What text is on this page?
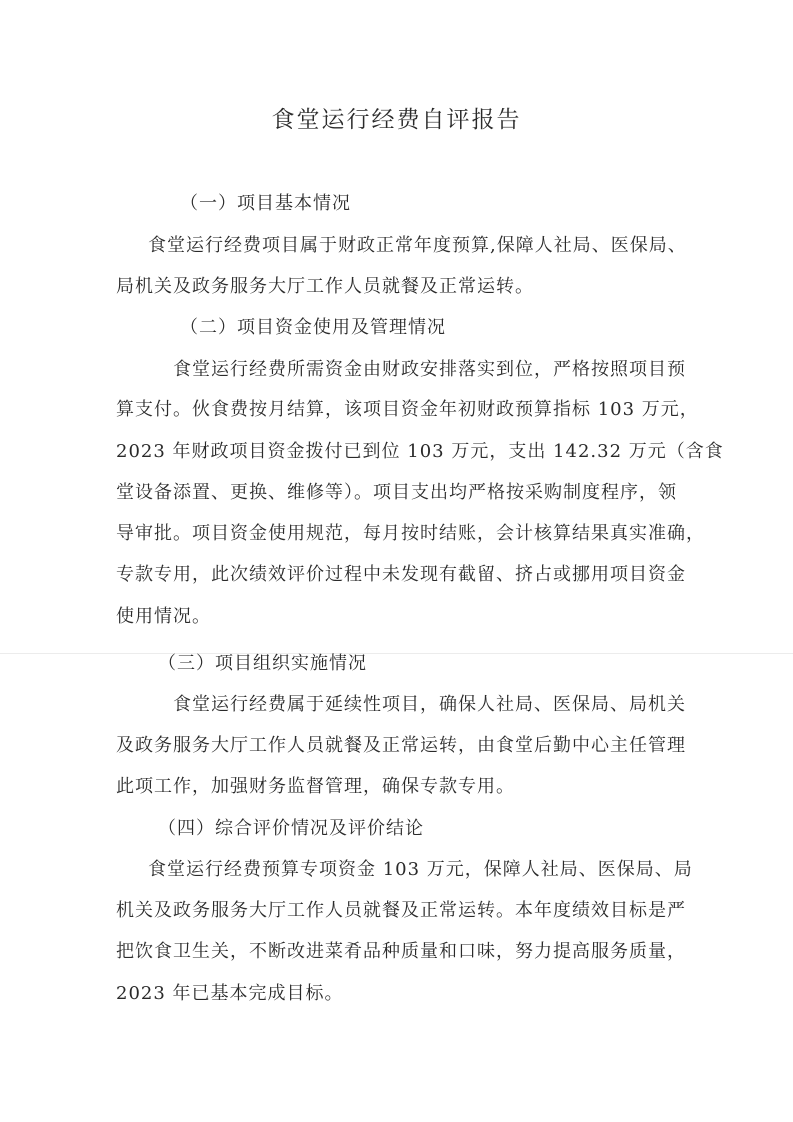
食堂运行经费自评报告
（一）项目基本情况
食堂运行经费项目属于财政正常年度预算,保障人社局、医保局、
局机关及政务服务大厅工作人员就餐及正常运转。
（二）项目资金使用及管理情况
食堂运行经费所需资金由财政安排落实到位，严格按照项目预
算支付。伙食费按月结算，该项目资金年初财政预算指标 103 万元，
2023 年财政项目资金拨付已到位 103 万元，支出 142.32 万元（含食
堂设备添置、更换、维修等）。项目支出均严格按采购制度程序，领
导审批。项目资金使用规范，每月按时结账，会计核算结果真实准确，
专款专用，此次绩效评价过程中未发现有截留、挤占或挪用项目资金
使用情况。
（三）项目组织实施情况
食堂运行经费属于延续性项目，确保人社局、医保局、局机关
及政务服务大厅工作人员就餐及正常运转，由食堂后勤中心主任管理
此项工作，加强财务监督管理，确保专款专用。
（四）综合评价情况及评价结论
食堂运行经费预算专项资金 103 万元，保障人社局、医保局、局
机关及政务服务大厅工作人员就餐及正常运转。本年度绩效目标是严
把饮食卫生关，不断改进菜肴品种质量和口味，努力提高服务质量，
2023 年已基本完成目标。
